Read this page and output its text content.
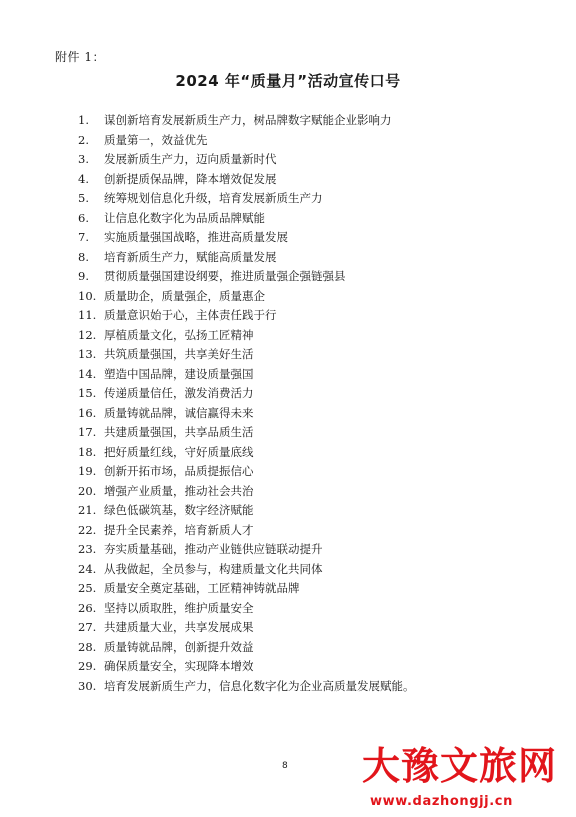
附件 1：
2024 年“质量月”活动宣传口号
1. 谋创新培育发展新质生产力，树品牌数字赋能企业影响力
2. 质量第一，效益优先
3. 发展新质生产力，迈向质量新时代
4. 创新提质保品牌，降本增效促发展
5. 统筹规划信息化升级，培育发展新质生产力
6. 让信息化数字化为品质品牌赋能
7. 实施质量强国战略，推进高质量发展
8. 培育新质生产力，赋能高质量发展
9. 贯彻质量强国建设纲要，推进质量强企强链强县
10. 质量助企，质量强企，质量惠企
11. 质量意识始于心，主体责任践于行
12. 厚植质量文化，弘扬工匠精神
13. 共筑质量强国，共享美好生活
14. 塑造中国品牌，建设质量强国
15. 传递质量信任，激发消费活力
16. 质量铸就品牌，诚信赢得未来
17. 共建质量强国，共享品质生活
18. 把好质量红线，守好质量底线
19. 创新开拓市场，品质提振信心
20. 增强产业质量，推动社会共治
21. 绿色低碳筑基，数字经济赋能
22. 提升全民素养，培育新质人才
23. 夯实质量基础，推动产业链供应链联动提升
24. 从我做起，全员参与，构建质量文化共同体
25. 质量安全奠定基础，工匠精神铸就品牌
26. 坚持以质取胜，维护质量安全
27. 共建质量大业，共享发展成果
28. 质量铸就品牌，创新提升效益
29. 确保质量安全，实现降本增效
30. 培育发展新质生产力，信息化数字化为企业高质量发展赋能。
8 大豫文旅网
www.dazhongjj.cn
